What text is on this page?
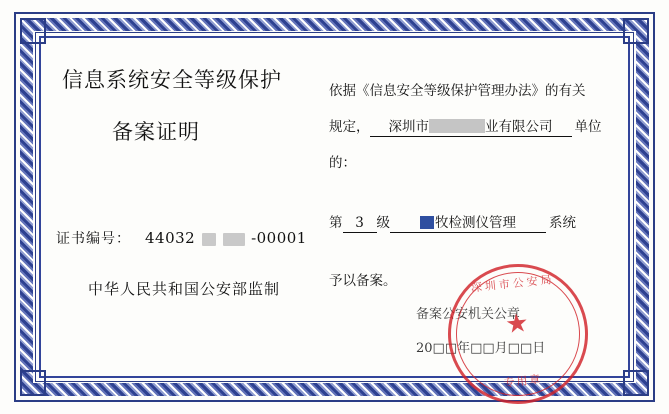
信息系统安全等级保护
备案证明
证书编号： 44032	-00001
中华人民共和国公安部监制
依据《信息安全等级保护管理办法》的有关
规定，	深圳市	业有限公司	单位
的：
第 3 级	牧检测仪管理	系统
予以备案。
备案公安机关公章
20□□年□□月□□日
深圳市公安局
★
专用章
